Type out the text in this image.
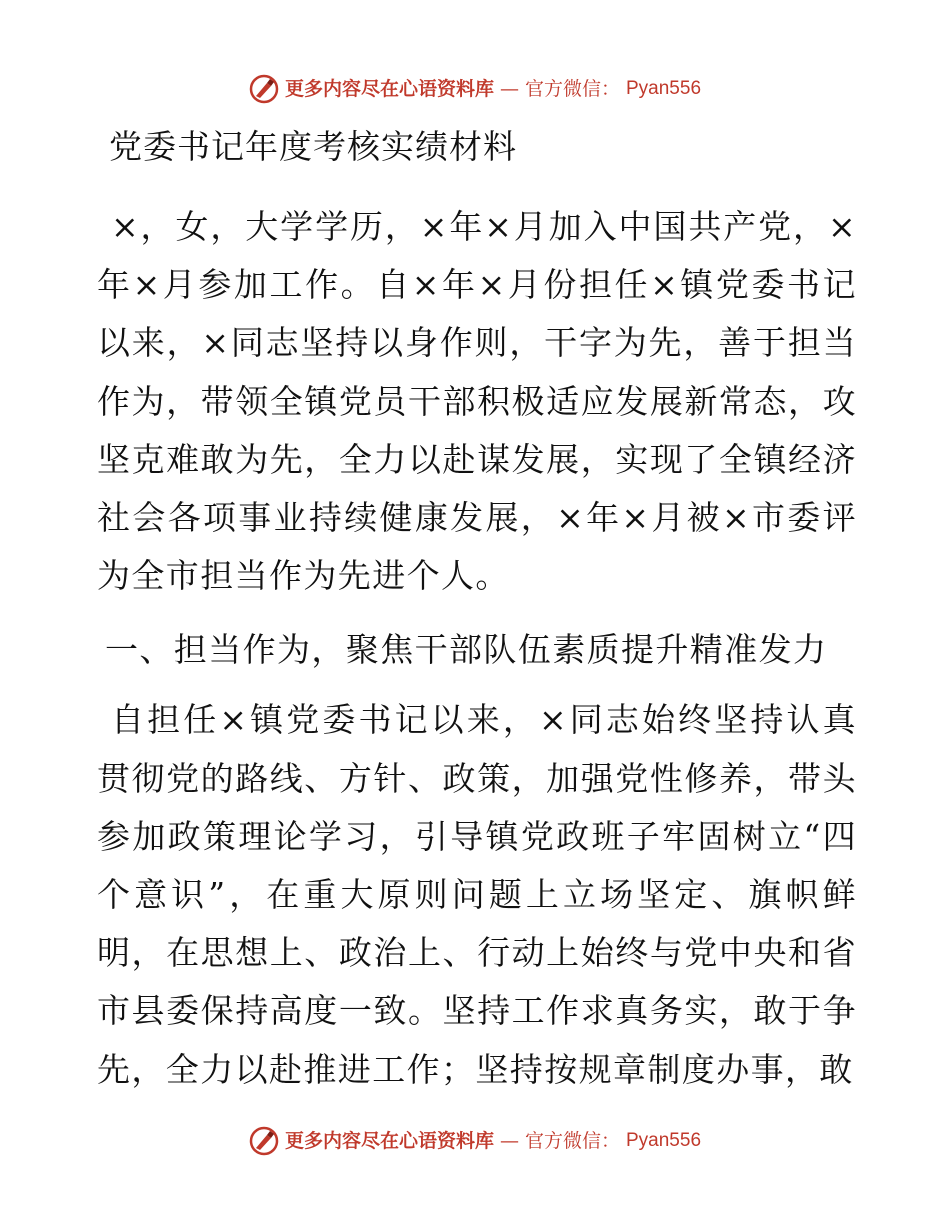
更多内容尽在心语资料库 — 官方微信： Pyan556
党委书记年度考核实绩材料

×，女，大学学历，×年×月加入中国共产党，×年×月参加工作。自×年×月份担任×镇党委书记以来，×同志坚持以身作则，干字为先，善于担当作为，带领全镇党员干部积极适应发展新常态，攻坚克难敢为先，全力以赴谋发展，实现了全镇经济社会各项事业持续健康发展，×年×月被×市委评为全市担当作为先进个人。

一、担当作为，聚焦干部队伍素质提升精准发力

自担任×镇党委书记以来，×同志始终坚持认真贯彻党的路线、方针、政策，加强党性修养，带头参加政策理论学习，引导镇党政班子牢固树立“四个意识”，在重大原则问题上立场坚定、旗帜鲜明，在思想上、政治上、行动上始终与党中央和省市县委保持高度一致。坚持工作求真务实，敢于争先，全力以赴推进工作；坚持按规章制度办事，敢

更多内容尽在心语资料库 — 官方微信： Pyan556
